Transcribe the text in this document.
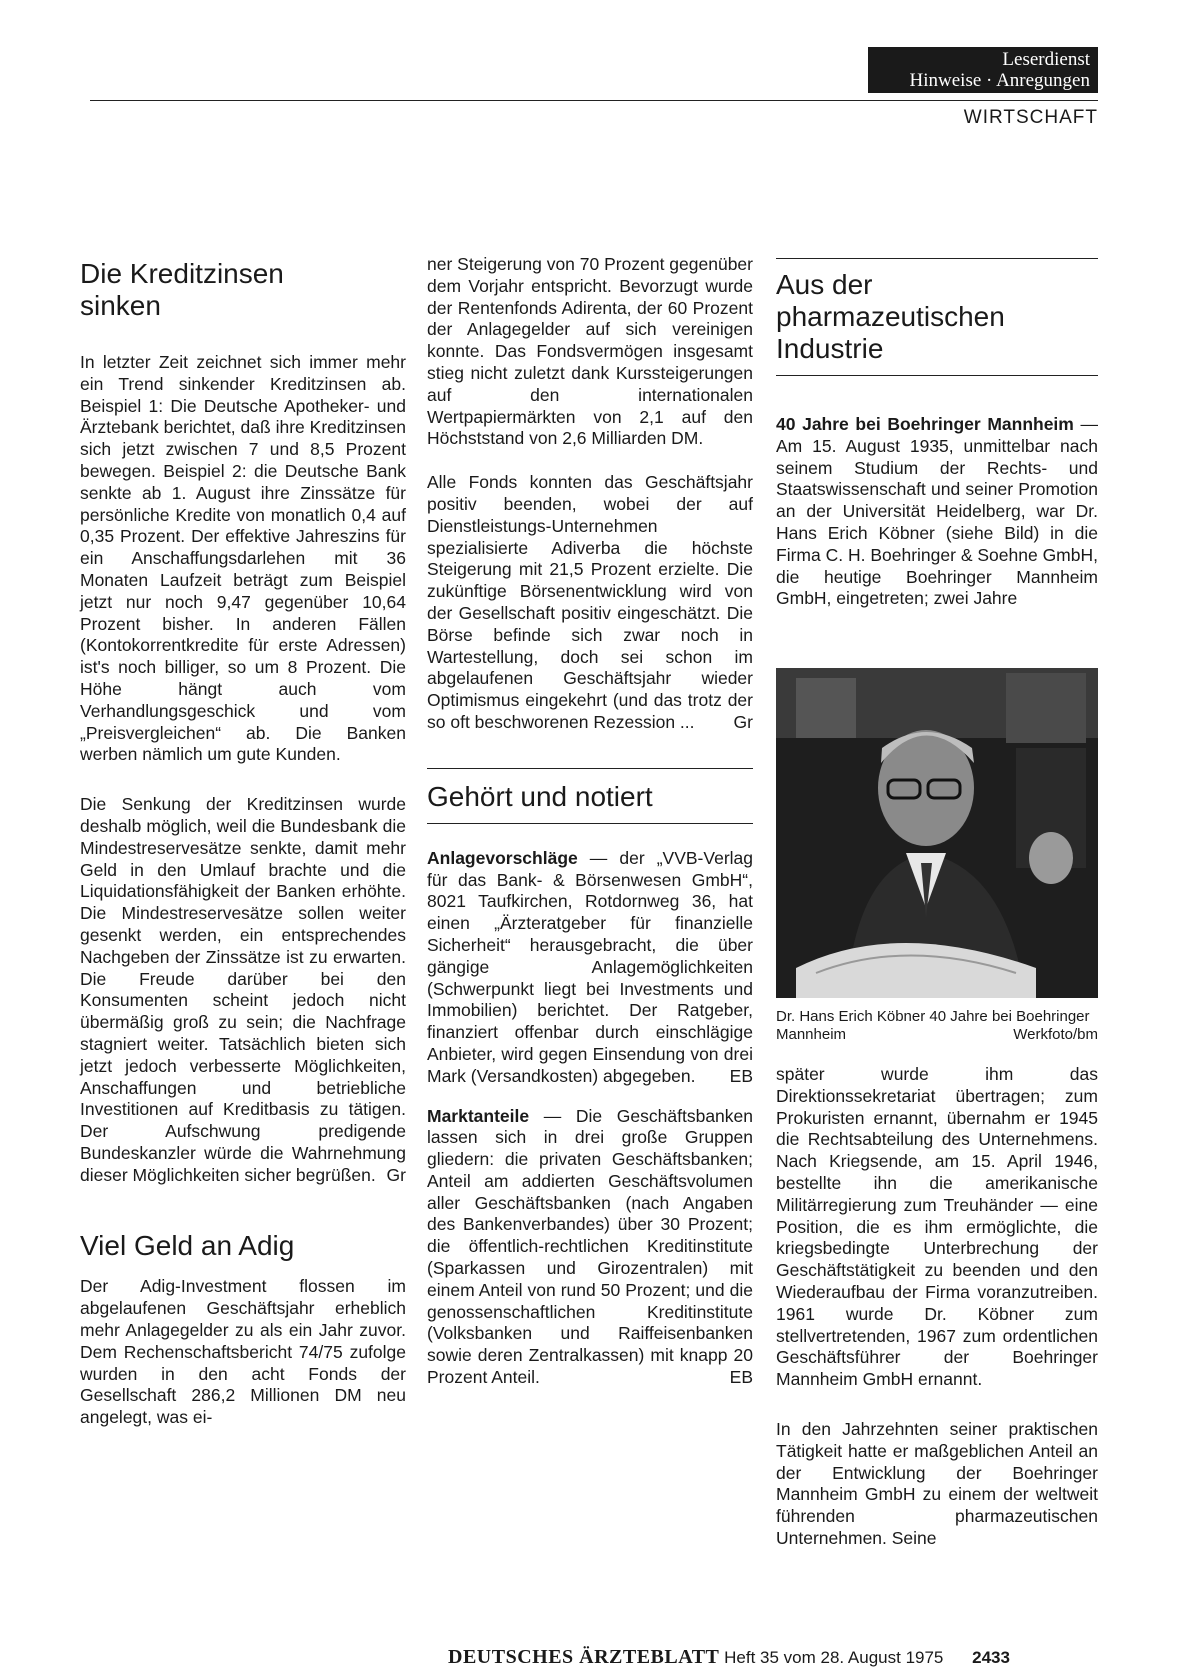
Leserdienst
Hinweise · Anregungen
WIRTSCHAFT
Die Kreditzinsen sinken

In letzter Zeit zeichnet sich immer mehr ein Trend sinkender Kreditzinsen ab. Beispiel 1: Die Deutsche Apotheker- und Ärztebank berichtet, daß ihre Kreditzinsen sich jetzt zwischen 7 und 8,5 Prozent bewegen. Beispiel 2: die Deutsche Bank senkte ab 1. August ihre Zinssätze für persönliche Kredite von monatlich 0,4 auf 0,35 Prozent. Der effektive Jahreszins für ein Anschaffungsdarlehen mit 36 Monaten Laufzeit beträgt zum Beispiel jetzt nur noch 9,47 gegenüber 10,64 Prozent bisher. In anderen Fällen (Kontokorrentkredite für erste Adressen) ist's noch billiger, so um 8 Prozent. Die Höhe hängt auch vom Verhandlungsgeschick und vom „Preisvergleichen“ ab. Die Banken werben nämlich um gute Kunden.

Die Senkung der Kreditzinsen wurde deshalb möglich, weil die Bundesbank die Mindestreservesätze senkte, damit mehr Geld in den Umlauf brachte und die Liquidationsfähigkeit der Banken erhöhte. Die Mindestreservesätze sollen weiter gesenkt werden, ein entsprechendes Nachgeben der Zinssätze ist zu erwarten. Die Freude darüber bei den Konsumenten scheint jedoch nicht übermäßig groß zu sein; die Nachfrage stagniert weiter. Tatsächlich bieten sich jetzt jedoch verbesserte Möglichkeiten, Anschaffungen und betriebliche Investitionen auf Kreditbasis zu tätigen. Der Aufschwung predigende Bundeskanzler würde die Wahrnehmung dieser Möglichkeiten sicher begrüßen. Gr

Viel Geld an Adig

Der Adig-Investment flossen im abgelaufenen Geschäftsjahr erheblich mehr Anlagegelder zu als ein Jahr zuvor. Dem Rechenschaftsbericht 74/75 zufolge wurden in den acht Fonds der Gesellschaft 286,2 Millionen DM neu angelegt, was ei-

ner Steigerung von 70 Prozent gegenüber dem Vorjahr entspricht. Bevorzugt wurde der Rentenfonds Adirenta, der 60 Prozent der Anlagegelder auf sich vereinigen konnte. Das Fondsvermögen insgesamt stieg nicht zuletzt dank Kurssteigerungen auf den internationalen Wertpapiermärkten von 2,1 auf den Höchststand von 2,6 Milliarden DM.

Alle Fonds konnten das Geschäftsjahr positiv beenden, wobei der auf Dienstleistungs-Unternehmen spezialisierte Adiverba die höchste Steigerung mit 21,5 Prozent erzielte. Die zukünftige Börsenentwicklung wird von der Gesellschaft positiv eingeschätzt. Die Börse befinde sich zwar noch in Wartestellung, doch sei schon im abgelaufenen Geschäftsjahr wieder Optimismus eingekehrt (und das trotz der so oft beschworenen Rezession ... Gr

Gehört und notiert

Anlagevorschläge — der „VVB-Verlag für das Bank- & Börsenwesen GmbH“, 8021 Taufkirchen, Rotdornweg 36, hat einen „Ärzteratgeber für finanzielle Sicherheit“ herausgebracht, die über gängige Anlagemöglichkeiten (Schwerpunkt liegt bei Investments und Immobilien) berichtet. Der Ratgeber, finanziert offenbar durch einschlägige Anbieter, wird gegen Einsendung von drei Mark (Versandkosten) abgegeben. EB

Marktanteile — Die Geschäftsbanken lassen sich in drei große Gruppen gliedern: die privaten Geschäftsbanken; Anteil am addierten Geschäftsvolumen aller Geschäftsbanken (nach Angaben des Bankenverbandes) über 30 Prozent; die öffentlich-rechtlichen Kreditinstitute (Sparkassen und Girozentralen) mit einem Anteil von rund 50 Prozent; und die genossenschaftlichen Kreditinstitute (Volksbanken und Raiffeisenbanken sowie deren Zentralkassen) mit knapp 20 Prozent Anteil.	EB

Aus der pharmazeutischen Industrie

40 Jahre bei Boehringer Mannheim — Am 15. August 1935, unmittelbar nach seinem Studium der Rechts- und Staatswissenschaft und seiner Promotion an der Universität Heidelberg, war Dr. Hans Erich Köbner (siehe Bild) in die Firma C. H. Boehringer & Soehne GmbH, die heutige Boehringer Mannheim GmbH, eingetreten; zwei Jahre

Dr. Hans Erich Köbner 40 Jahre bei Boehringer Mannheim	Werkfoto/bm

später wurde ihm das Direktionssekretariat übertragen; zum Prokuristen ernannt, übernahm er 1945 die Rechtsabteilung des Unternehmens. Nach Kriegsende, am 15. April 1946, bestellte ihn die amerikanische Militärregierung zum Treuhänder — eine Position, die es ihm ermöglichte, die kriegsbedingte Unterbrechung der Geschäftstätigkeit zu beenden und den Wiederaufbau der Firma voranzutreiben. 1961 wurde Dr. Köbner zum stellvertretenden, 1967 zum ordentlichen Geschäftsführer der Boehringer Mannheim GmbH ernannt.

In den Jahrzehnten seiner praktischen Tätigkeit hatte er maßgeblichen Anteil an der Entwicklung der Boehringer Mannheim GmbH zu einem der weltweit führenden pharmazeutischen Unternehmen. Seine

DEUTSCHES ÄRZTEBLATT Heft 35 vom 28. August 1975 2433
